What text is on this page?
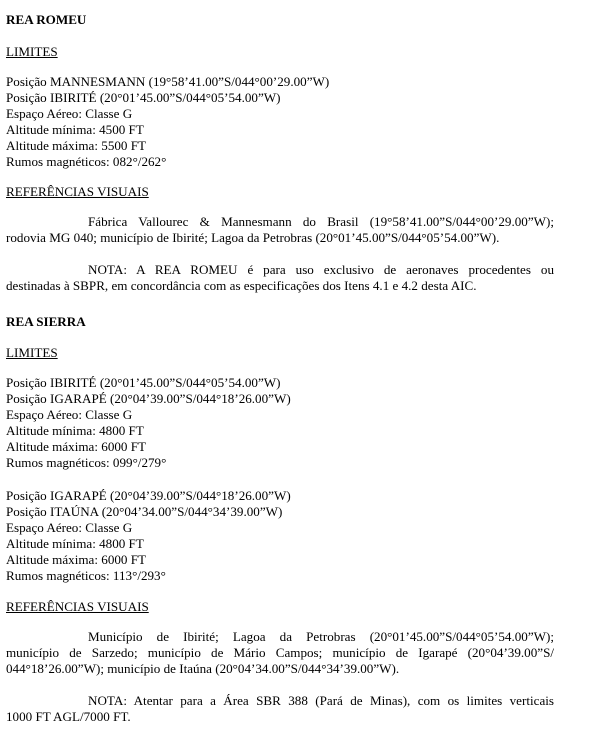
REA ROMEU
LIMITES
Posição MANNESMANN (19°58’41.00”S/044°00’29.00”W)
Posição IBIRITÉ (20°01’45.00”S/044°05’54.00”W)
Espaço Aéreo: Classe G
Altitude mínima: 4500 FT
Altitude máxima: 5500 FT
Rumos magnéticos: 082°/262°
REFERÊNCIAS VISUAIS
Fábrica Vallourec & Mannesmann do Brasil (19°58’41.00”S/044°00’29.00”W);
rodovia MG 040; município de Ibirité; Lagoa da Petrobras (20°01’45.00”S/044°05’54.00”W).
NOTA: A REA ROMEU é para uso exclusivo de aeronaves procedentes ou
destinadas à SBPR, em concordância com as especificações dos Itens 4.1 e 4.2 desta AIC.
REA SIERRA
LIMITES
Posição IBIRITÉ (20°01’45.00”S/044°05’54.00”W)
Posição IGARAPÉ (20°04’39.00”S/044°18’26.00”W)
Espaço Aéreo: Classe G
Altitude mínima: 4800 FT
Altitude máxima: 6000 FT
Rumos magnéticos: 099°/279°
Posição IGARAPÉ (20°04’39.00”S/044°18’26.00”W)
Posição ITAÚNA (20°04’34.00”S/044°34’39.00”W)
Espaço Aéreo: Classe G
Altitude mínima: 4800 FT
Altitude máxima: 6000 FT
Rumos magnéticos: 113°/293°
REFERÊNCIAS VISUAIS
Município de Ibirité; Lagoa da Petrobras (20°01’45.00”S/044°05’54.00”W);
município de Sarzedo; município de Mário Campos; município de Igarapé (20°04’39.00”S/
044°18’26.00”W); município de Itaúna (20°04’34.00”S/044°34’39.00”W).
NOTA: Atentar para a Área SBR 388 (Pará de Minas), com os limites verticais
1000 FT AGL/7000 FT.
